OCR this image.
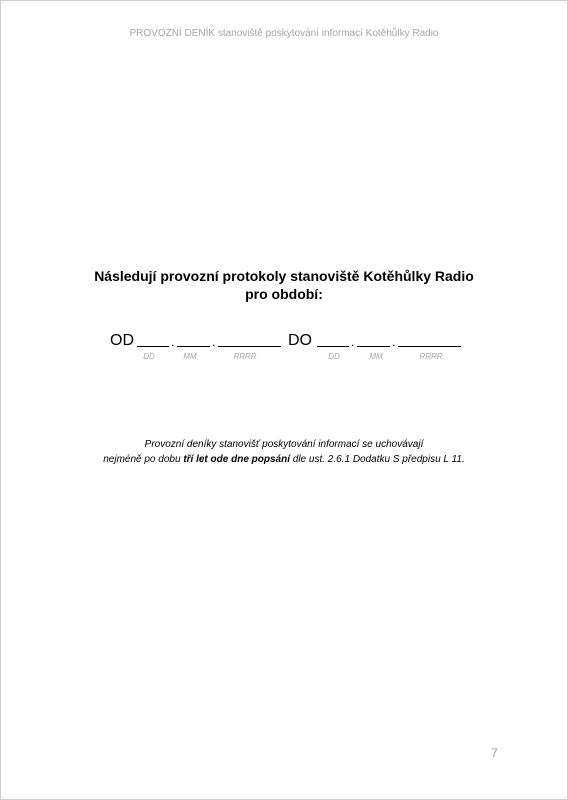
PROVOZNÍ DENÍK stanoviště poskytování informací Kotěhůlky Radio
Následují provozní protokoly stanoviště Kotěhůlky Radio
pro období:
OD	.	.
DD	MM	RRRR
DO	.	.
DD	MM	RRRR
Provozní deníky stanovišť poskytování informací se uchovávají
nejméně po dobu tří let ode dne popsání dle ust. 2.6.1 Dodatku S předpisu L 11.
7
